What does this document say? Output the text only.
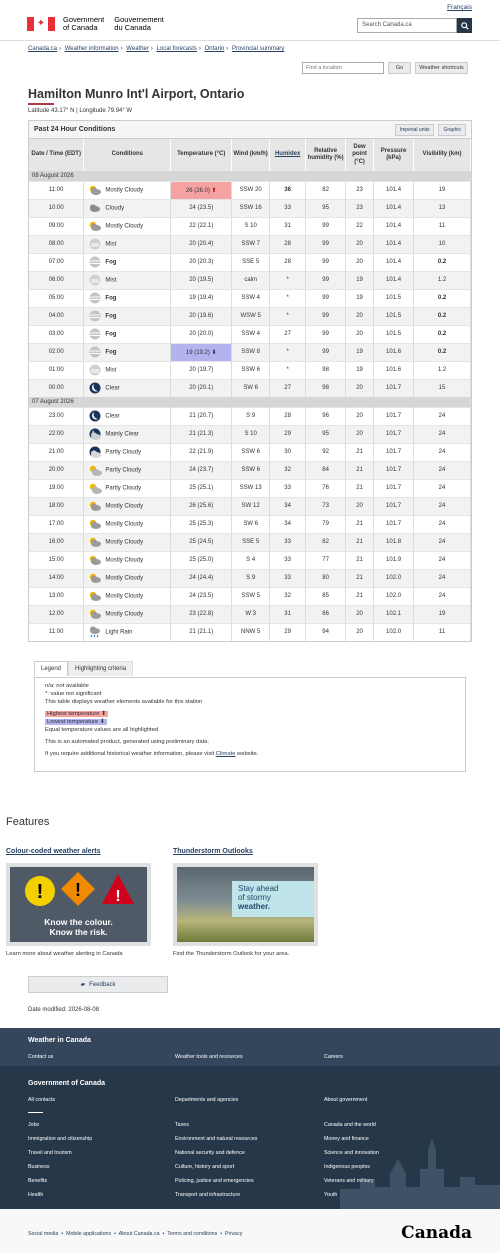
Français
✦ Government
of Canada
Gouvernement
du Canada	Search Canada.ca
Canada.ca › Weather information › Weather › Local forecasts › Ontario › Provincial summary
Find a location	Go	Weather shortcuts
Hamilton Munro Int'l Airport, Ontario
Latitude 43.17° N | Longitude 79.94° W
Past 24 Hour Conditions	Imperial units	Graphic
Date / Time (EDT)	Conditions	Temperature (°C)	Wind (km/h)	Humidex	Relative humidity (%)	Dew point (°C)	Pressure (kPa)	Visibility (km)
08 August 2026								
11:00	Mostly Cloudy	26 (26.0) ⬆	SSW 20	36	82	23	101.4	19
10:00	Cloudy	24 (23.5)	SSW 16	33	95	23	101.4	13
09:00	Mostly Cloudy	22 (22.1)	S 10	31	99	22	101.4	11
08:00	Mist	20 (20.4)	SSW 7	28	99	20	101.4	10
07:00	Fog	20 (20.3)	SSE 5	28	99	20	101.4	0.2
06:00	Mist	20 (19.5)	calm	*	99	19	101.4	1.2
05:00	Fog	19 (19.4)	SSW 4	*	99	19	101.5	0.2
04:00	Fog	20 (19.6)	WSW 5	*	99	20	101.5	0.2
03:00	Fog	20 (20.0)	SSW 4	27	99	20	101.5	0.2
02:00	Fog	19 (19.2) ⬇	SSW 8	*	99	19	101.6	0.2
01:00	Mist	20 (19.7)	SSW 6	*	98	19	101.6	1.2
00:00	Clear	20 (20.1)	SW 6	27	98	20	101.7	15
07 August 2026								
23:00	Clear	21 (20.7)	S 9	28	96	20	101.7	24
22:00	Mainly Clear	21 (21.3)	S 10	29	95	20	101.7	24
21:00	Partly Cloudy	22 (21.9)	SSW 6	30	92	21	101.7	24
20:00	Partly Cloudy	24 (23.7)	SSW 6	32	84	21	101.7	24
19:00	Partly Cloudy	25 (25.1)	SSW 13	33	76	21	101.7	24
18:00	Mostly Cloudy	26 (25.6)	SW 12	34	73	20	101.7	24
17:00	Mostly Cloudy	25 (25.3)	SW 6	34	79	21	101.7	24
16:00	Mostly Cloudy	25 (24.5)	SSE 5	33	82	21	101.8	24
15:00	Mostly Cloudy	25 (25.0)	S 4	33	77	21	101.9	24
14:00	Mostly Cloudy	24 (24.4)	S 9	33	80	21	102.0	24
13:00	Mostly Cloudy	24 (23.5)	SSW 5	32	85	21	102.0	24
12:00	Mostly Cloudy	23 (22.8)	W 3	31	86	20	102.1	19
11:00	Light Rain	21 (21.1)	NNW 5	29	94	20	102.0	11
Legend	Highlighting criteria
n/a: not available
*: value not significant
This table displays weather elements available for this station
Highest temperature ⬆
Lowest temperature ⬇
Equal temperature values are all highlighted
This is an automated product, generated using preliminary data.
If you require additional historical weather information, please visit Climate website.
Features
Colour-coded weather alerts
! ! !
Know the colour.
Know the risk.
Learn more about weather alerting in Canada
Thunderstorm Outlooks
Stay ahead
of stormy
weather.
Find the Thunderstorm Outlook for your area.
▰ Feedback
Date modified: 2026-08-08
Weather in Canada
Contact us	Weather tools and resources	Careers
Government of Canada
All contacts	Departments and agencies	About government
Jobs
Immigration and citizenship
Travel and tourism
Business
Benefits
Health
Taxes
Environment and natural resources
National security and defence
Culture, history and sport
Policing, justice and emergencies
Transport and infrastructure
Canada and the world
Money and finance
Science and innovation
Indigenous peoples
Veterans and military
Youth
Social media  •  Mobile applications  •  About Canada.ca  •  Terms and conditions  •  Privacy	Canada
